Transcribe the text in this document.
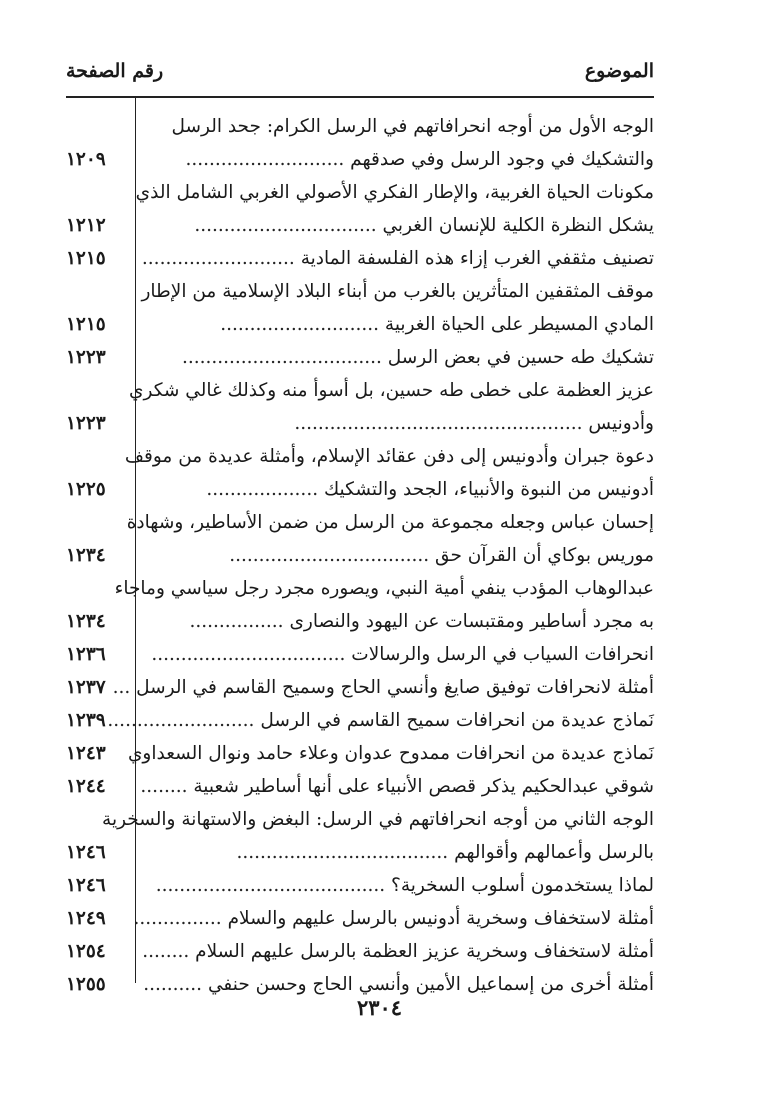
الموضوع
رقم الصفحة
الوجه الأول من أوجه انحرافاتهم في الرسل الكرام: جحد الرسل
والتشكيك في وجود الرسل وفي صدقهم ...........................
١٢٠٩
مكونات الحياة الغربية، والإطار الفكري الأصولي الغربي الشامل الذي
يشكل النظرة الكلية للإنسان الغربي ...............................
١٢١٢
تصنيف مثقفي الغرب إزاء هذه الفلسفة المادية ..........................
١٢١٥
موقف المثقفين المتأثرين بالغرب من أبناء البلاد الإسلامية من الإطار
المادي المسيطر على الحياة الغربية ...........................
١٢١٥
تشكيك طه حسين في بعض الرسل ..................................
١٢٢٣
عزيز العظمة على خطى طه حسين، بل أسوأ منه وكذلك غالي شكري
وأدونيس .................................................
١٢٢٣
دعوة جبران وأدونيس إلى دفن عقائد الإسلام، وأمثلة عديدة من موقف
أدونيس من النبوة والأنبياء، الجحد والتشكيك ...................
١٢٢٥
إحسان عباس وجعله مجموعة من الرسل من ضمن الأساطير، وشهادة
موريس بوكاي أن القرآن حق ..................................
١٢٣٤
عبدالوهاب المؤدب ينفي أمية النبي، ويصوره مجرد رجل سياسي وماجاء
به مجرد أساطير ومقتبسات عن اليهود والنصارى ................
١٢٣٤
انحرافات السياب في الرسل والرسالات .................................
١٢٣٦
أمثلة لانحرافات توفيق صايغ وأنسي الحاج وسميح القاسم في الرسل ...
١٢٣٧
نَماذج عديدة من انحرافات سميح القاسم في الرسل .........................
١٢٣٩
نَماذج عديدة من انحرافات ممدوح عدوان وعلاء حامد ونوال السعداوي
١٢٤٣
شوقي عبدالحكيم يذكر قصص الأنبياء على أنها أساطير شعبية ........
١٢٤٤
الوجه الثاني من أوجه انحرافاتهم في الرسل: البغض والاستهانة والسخرية
بالرسل وأعمالهم وأقوالهم ....................................
١٢٤٦
لماذا يستخدمون أسلوب السخرية؟ .......................................
١٢٤٦
أمثلة لاستخفاف وسخرية أدونيس بالرسل عليهم والسلام ...............
١٢٤٩
أمثلة لاستخفاف وسخرية عزيز العظمة بالرسل عليهم السلام ........
١٢٥٤
أمثلة أخرى من إسماعيل الأمين وأنسي الحاج وحسن حنفي ..........
١٢٥٥
٢٣٠٤
